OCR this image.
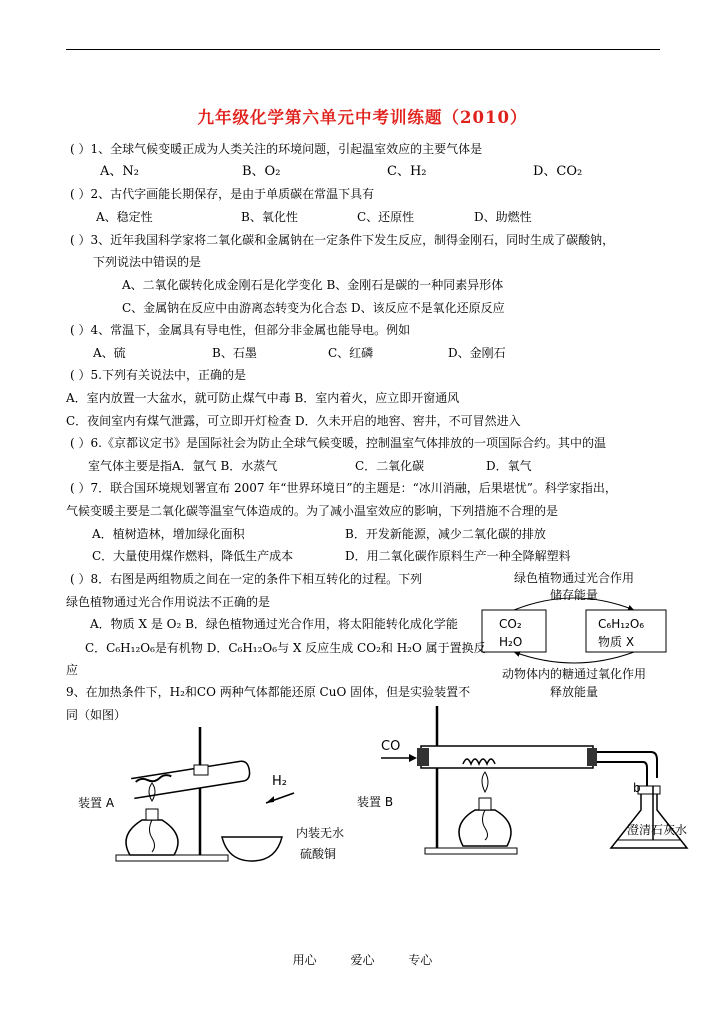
九年级化学第六单元中考训练题（2010）
( ）1、全球气候变暖正成为人类关注的环境问题，引起温室效应的主要气体是
A、N₂	B、O₂	C、H₂	D、CO₂
( ）2、古代字画能长期保存，是由于单质碳在常温下具有
A、稳定性	B、氧化性	C、还原性	D、助燃性
( ）3、近年我国科学家将二氧化碳和金属钠在一定条件下发生反应，制得金刚石，同时生成了碳酸钠，
下列说法中错误的是
A、二氧化碳转化成金刚石是化学变化 B、金刚石是碳的一种同素异形体
C、金属钠在反应中由游离态转变为化合态 D、该反应不是氧化还原反应
( ）4、常温下，金属具有导电性，但部分非金属也能导电。例如
A、硫	B、石墨	C、红磷	D、金刚石
( ）5.下列有关说法中，正确的是
A．室内放置一大盆水，就可防止煤气中毒 B．室内着火，应立即开窗通风
C．夜间室内有煤气泄露，可立即开灯检查 D．久未开启的地窖、窖井，不可冒然进入
( ）6.《京都议定书》是国际社会为防止全球气候变暖，控制温室气体排放的一项国际合约。其中的温
室气体主要是指A．氩气 B．水蒸气	C．二氧化碳	D．氧气
( ）7．联合国环境规划署宣布 2007 年“世界环境日”的主题是：“冰川消融，后果堪忧”。科学家指出，
气候变暖主要是二氧化碳等温室气体造成的。为了减小温室效应的影响，下列措施不合理的是
A．植树造林，增加绿化面积	B．开发新能源，减少二氧化碳的排放
C．大量使用煤作燃料，降低生产成本	D．用二氧化碳作原料生产一种全降解塑料
( ）8．右图是两组物质之间在一定的条件下相互转化的过程。下列
绿色植物通过光合作用说法不正确的是
A．物质 X 是 O₂ B．绿色植物通过光合作用，将太阳能转化成化学能
C．C₆H₁₂O₆是有机物 D．C₆H₁₂O₆与 X 反应生成 CO₂和 H₂O 属于置换反
应
绿色植物通过光合作用
储存能量
CO₂
H₂O
C₆H₁₂O₆
物质 X
动物体内的糖通过氧化作用
释放能量
9、在加热条件下，H₂和CO 两种气体都能还原 CuO 固体，但是实验装置不
同（如图）
装置 A
H₂
内装无水
硫酸铜
装置 B
CO
b
澄清石灰水
用心 爱心 专心
